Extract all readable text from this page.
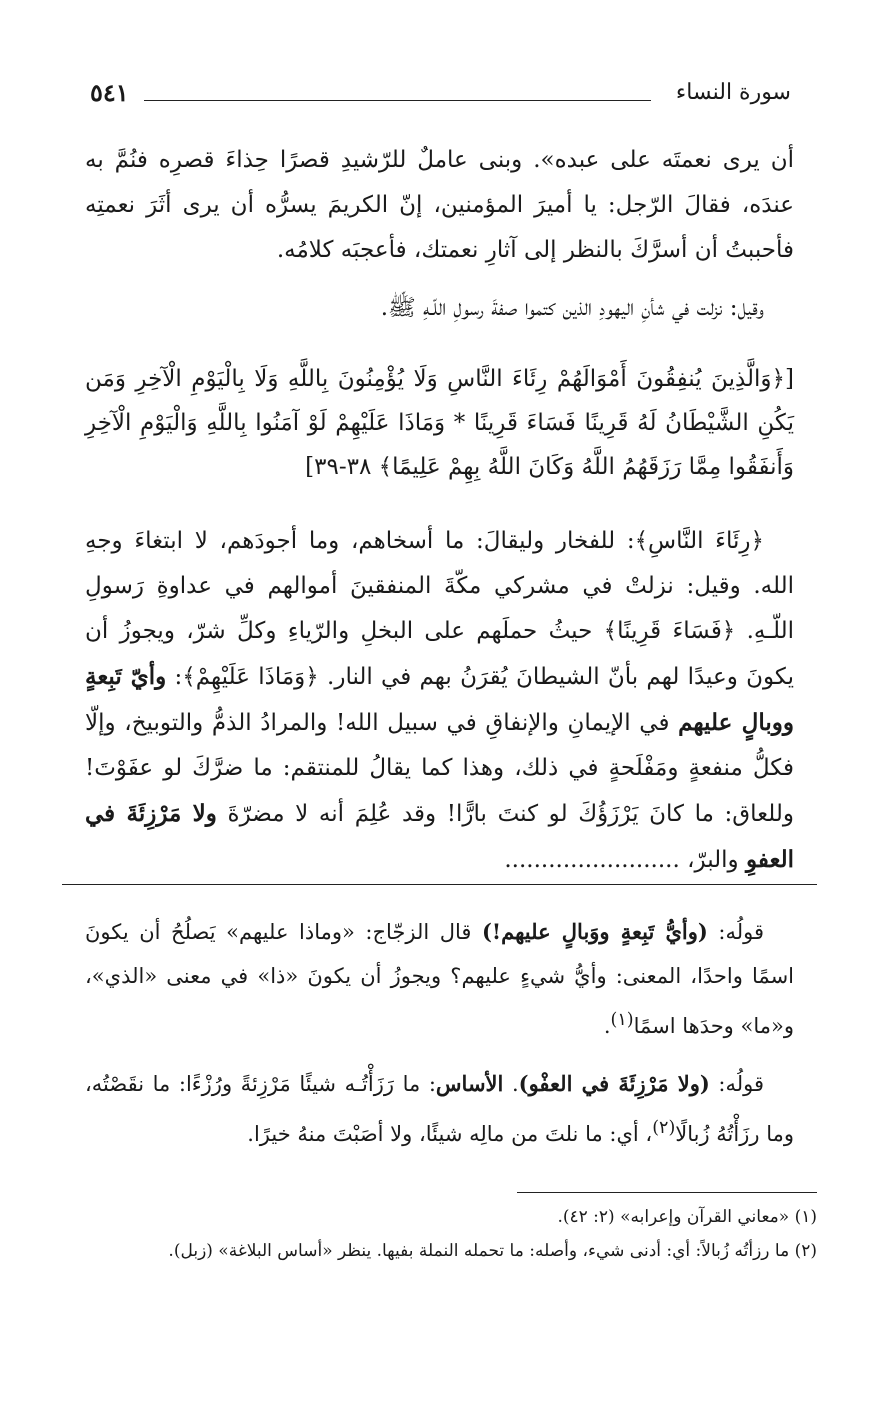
سورة النساء
٥٤١

أن يرى نعمتَه على عبده». وبنى عاملٌ للرّشيدِ قصرًا حِذاءَ قصرِه فنُمَّ به عندَه، فقالَ الرّجل: يا أميرَ المؤمنين، إنّ الكريمَ يسرُّه أن يرى أثَرَ نعمتِه فأحببتُ أن أسرَّكَ بالنظر إلى آثارِ نعمتك، فأعجبَه كلامُه.

وقيل: نزلت في شأنِ اليهودِ الذين كتموا صفةَ رسولِ اللّـهِ ﷺ.

[﴿وَالَّذِينَ يُنفِقُونَ أَمْوَالَهُمْ رِئَاءَ النَّاسِ وَلَا يُؤْمِنُونَ بِاللَّهِ وَلَا بِالْيَوْمِ الْآخِرِ وَمَن يَكُنِ الشَّيْطَانُ لَهُ قَرِينًا فَسَاءَ قَرِينًا * وَمَاذَا عَلَيْهِمْ لَوْ آمَنُوا بِاللَّهِ وَالْيَوْمِ الْآخِرِ وَأَنفَقُوا مِمَّا رَزَقَهُمُ اللَّهُ وَكَانَ اللَّهُ بِهِمْ عَلِيمًا﴾ ٣٨-٣٩]

﴿رِئَاءَ النَّاسِ﴾: للفخار وليقالَ: ما أسخاهم، وما أجودَهم، لا ابتغاءَ وجهِ الله. وقيل: نزلتْ في مشركي مكّةَ المنفقينَ أموالهم في عداوةِ رَسولِ اللّـهِ. ﴿فَسَاءَ قَرِينًا﴾ حيثُ حملَهم على البخلِ والرّياءِ وكلِّ شرّ، ويجوزُ أن يكونَ وعيدًا لهم بأنّ الشيطانَ يُقرَنُ بهم في النار. ﴿وَمَاذَا عَلَيْهِمْ﴾: وأيّ تَبِعةٍ ووبالٍ عليهم في الإيمانِ والإنفاقِ في سبيل الله! والمرادُ الذمُّ والتوبيخ، وإلّا فكلُّ منفعةٍ ومَفْلَحةٍ في ذلك، وهذا كما يقالُ للمنتقم: ما ضرَّكَ لو عفَوْتَ! وللعاق: ما كانَ يَرْزَؤُكَ لو كنتَ بارًّا! وقد عُلِمَ أنه لا مضرّةَ ولا مَرْزِئَةَ في العفوِ والبرّ، ........................

قولُه: (وأيُّ تَبِعةٍ ووَبالٍ عليهم!) قال الزجّاج: «وماذا عليهم» يَصلُحُ أن يكونَ اسمًا واحدًا، المعنى: وأيُّ شيءٍ عليهم؟ ويجوزُ أن يكونَ «ذا» في معنى «الذي»، و«ما» وحدَها اسمًا$^{(١)}$.

قولُه: (ولا مَرْزِئَةَ في العفْو). الأساس: ما رَزَأْتُـه شيئًا مَرْزِئةً ورُزْءًا: ما نقَصْتُه، وما رزَأْتُهُ زُبالًا$^{(٢)}$، أي: ما نلتَ من مالِه شيئًا، ولا أصَبْتَ منهُ خيرًا.

(١) «معاني القرآن وإعرابه» (٢: ٤٢).

(٢) ما رزأتُه زُبالاً: أي: أدنى شيء، وأصله: ما تحمله النملة بفيها. ينظر «أساس البلاغة» (زبل).
